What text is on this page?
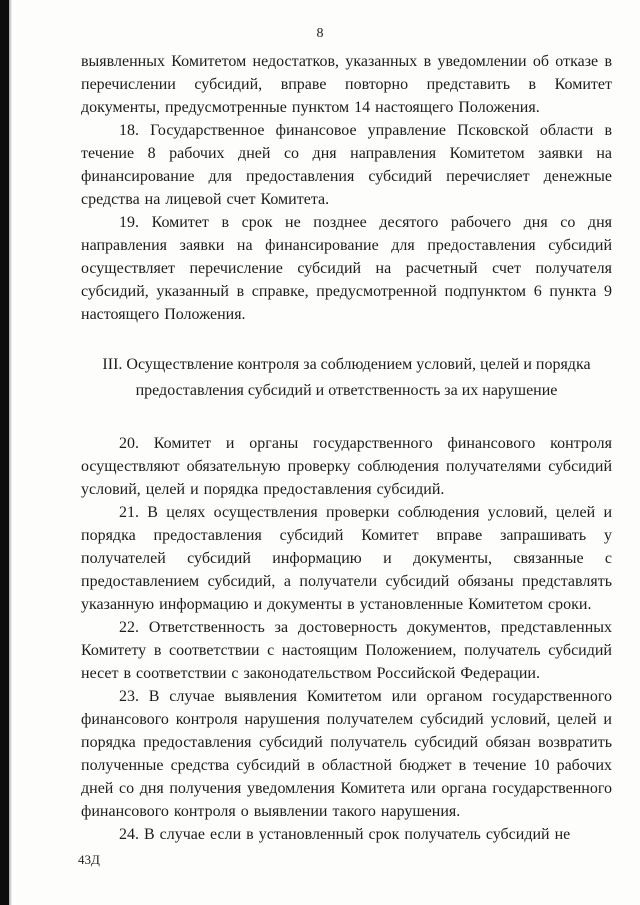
8

выявленных Комитетом недостатков, указанных в уведомлении об отказе в перечислении субсидий, вправе повторно представить в Комитет документы, предусмотренные пунктом 14 настоящего Положения.

18. Государственное финансовое управление Псковской области в течение 8 рабочих дней со дня направления Комитетом заявки на финансирование для предоставления субсидий перечисляет денежные средства на лицевой счет Комитета.

19. Комитет в срок не позднее десятого рабочего дня со дня направления заявки на финансирование для предоставления субсидий осуществляет перечисление субсидий на расчетный счет получателя субсидий, указанный в справке, предусмотренной подпунктом 6 пункта 9 настоящего Положения.

III. Осуществление контроля за соблюдением условий, целей и порядка предоставления субсидий и ответственность за их нарушение

20. Комитет и органы государственного финансового контроля осуществляют обязательную проверку соблюдения получателями субсидий условий, целей и порядка предоставления субсидий.

21. В целях осуществления проверки соблюдения условий, целей и порядка предоставления субсидий Комитет вправе запрашивать у получателей субсидий информацию и документы, связанные с предоставлением субсидий, а получатели субсидий обязаны представлять указанную информацию и документы в установленные Комитетом сроки.

22. Ответственность за достоверность документов, представленных Комитету в соответствии с настоящим Положением, получатель субсидий несет в соответствии с законодательством Российской Федерации.

23. В случае выявления Комитетом или органом государственного финансового контроля нарушения получателем субсидий условий, целей и порядка предоставления субсидий получатель субсидий обязан возвратить полученные средства субсидий в областной бюджет в течение 10 рабочих дней со дня получения уведомления Комитета или органа государственного финансового контроля о выявлении такого нарушения.

24. В случае если в установленный срок получатель субсидий не

43Д
